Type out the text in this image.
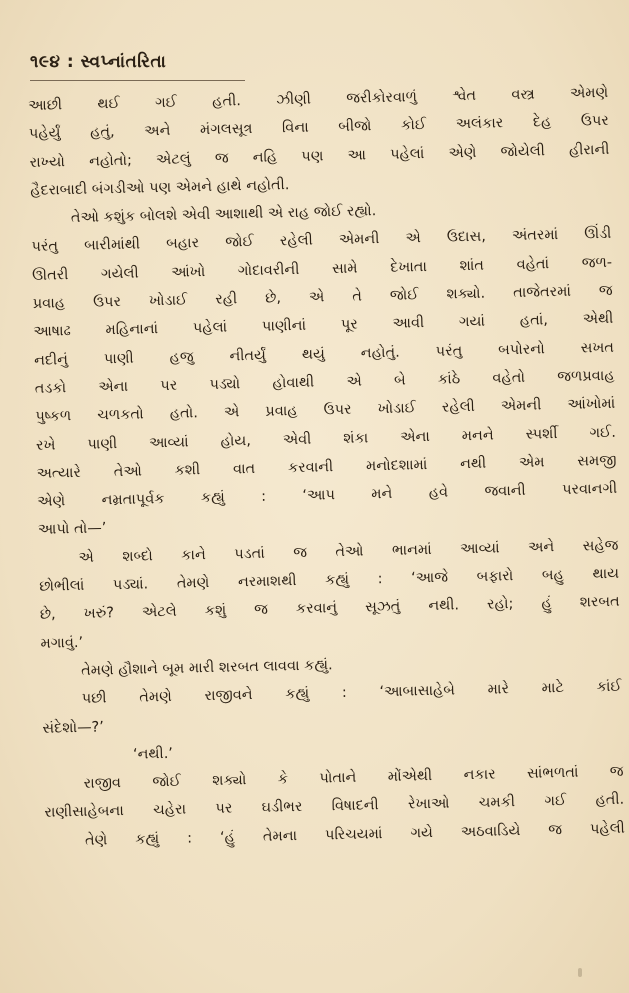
૧૯૪ : સ્વપ્નાંતરિતા
આછી થઈ ગઈ હતી. ઝીણી જરીકોરવાળું શ્વેત વસ્ત્ર એમણે
પહેર્યું હતું, અને મંગલસૂત્ર વિના બીજો કોઈ અલંકાર દેહ ઉપર
રાખ્યો નહોતો; એટલું જ નહિ પણ આ પહેલાં એણે જોયેલી હીરાની
હૈદરાબાદી બંગડીઓ પણ એમને હાથે નહોતી.
તેઓ કશુંક બોલશે એવી આશાથી એ રાહ જોઈ રહ્યો.
પરંતુ બારીમાંથી બહાર જોઈ રહેલી એમની એ ઉદાસ, અંતરમાં ઊંડી
ઊતરી ગયેલી આંખો ગોદાવરીની સામે દેખાતા શાંત વહેતાં જળ-
પ્રવાહ ઉપર ખોડાઈ રહી છે, એ તે જોઈ શક્યો. તાજેતરમાં જ
આષાઢ મહિનાનાં પહેલાં પાણીનાં પૂર આવી ગયાં હતાં, એથી
નદીનું પાણી હજુ નીતર્યું થયું નહોતું. પરંતુ બપોરનો સખત
તડકો એના પર પડ્યો હોવાથી એ બે કાંઠે વહેતો જળપ્રવાહ
પુષ્કળ ચળકતો હતો. એ પ્રવાહ ઉપર ખોડાઈ રહેલી એમની આંખોમાં
રખે પાણી આવ્યાં હોય, એવી શંકા એના મનને સ્પર્શી ગઈ.
અત્યારે તેઓ કશી વાત કરવાની મનોદશામાં નથી એમ સમજી
એણે નમ્રતાપૂર્વક કહ્યું : ‘આપ મને હવે જવાની પરવાનગી
આપો તો—’
એ શબ્દો કાને પડતાં જ તેઓ ભાનમાં આવ્યાં અને સહેજ
છોભીલાં પડ્યાં. તેમણે નરમાશથી કહ્યું : ‘આજે બફારો બહુ થાય
છે, ખરું? એટલે કશું જ કરવાનું સૂઝતું નથી. રહો; હું શરબત
મગાવું.’
તેમણે હૌશાને બૂમ મારી શરબત લાવવા કહ્યું.
પછી તેમણે રાજીવને કહ્યું : ‘આબાસાહેબે મારે માટે કાંઈ
સંદેશો—?’
‘નથી.’
રાજીવ જોઈ શક્યો કે પોતાને મોંએથી નકાર સાંભળતાં જ
રાણીસાહેબના ચહેરા પર ઘડીભર વિષાદની રેખાઓ ચમકી ગઈ હતી.
તેણે કહ્યું : ‘હું તેમના પરિચયમાં ગયે અઠવાડિયે જ પહેલી
